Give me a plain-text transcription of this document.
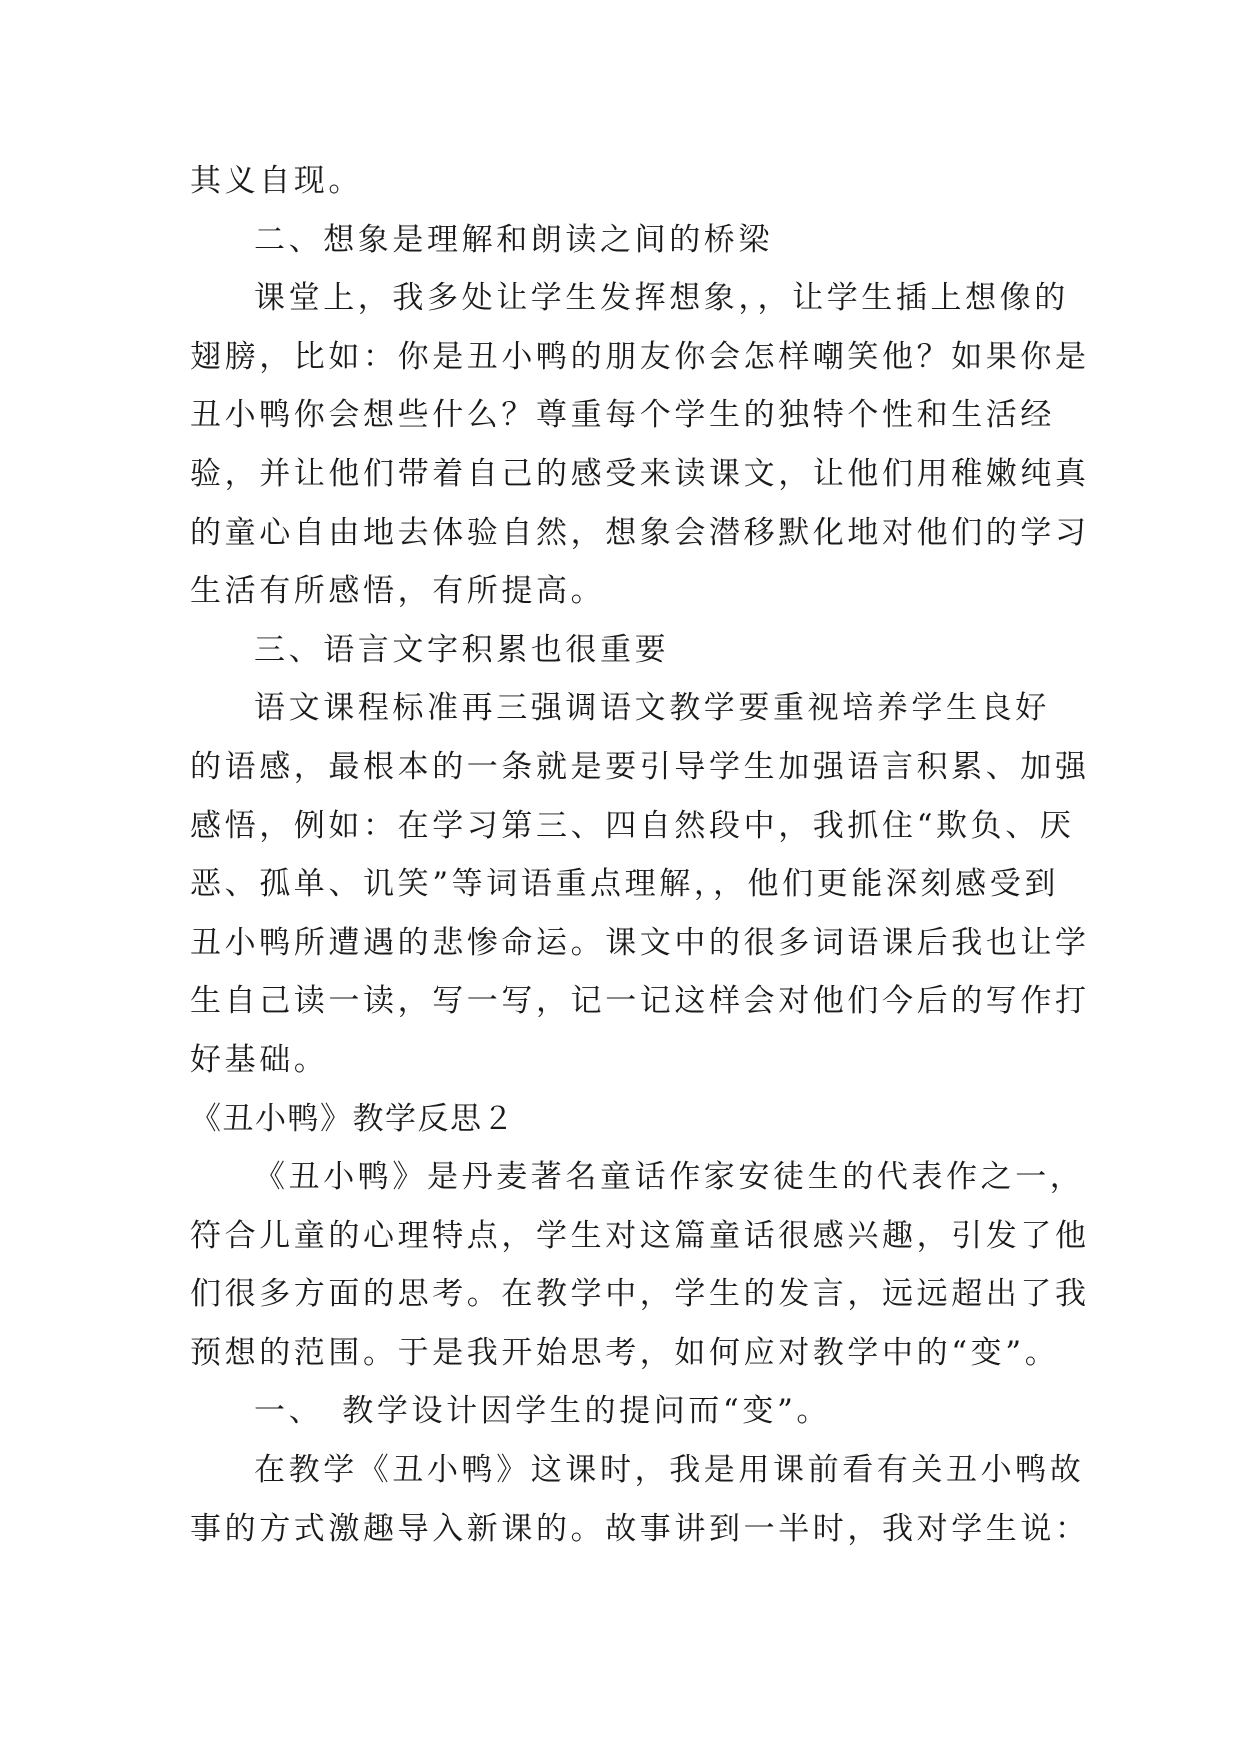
其义自现。
二、想象是理解和朗读之间的桥梁
课堂上，我多处让学生发挥想象，，让学生插上想像的
翅膀，比如：你是丑小鸭的朋友你会怎样嘲笑他？如果你是
丑小鸭你会想些什么？尊重每个学生的独特个性和生活经
验，并让他们带着自己的感受来读课文，让他们用稚嫩纯真
的童心自由地去体验自然，想象会潜移默化地对他们的学习
生活有所感悟，有所提高。
三、语言文字积累也很重要
语文课程标准再三强调语文教学要重视培养学生良好
的语感，最根本的一条就是要引导学生加强语言积累、加强
感悟，例如：在学习第三、四自然段中，我抓住“欺负、厌
恶、孤单、讥笑”等词语重点理解，，他们更能深刻感受到
丑小鸭所遭遇的悲惨命运。课文中的很多词语课后我也让学
生自己读一读，写一写，记一记这样会对他们今后的写作打
好基础。
《丑小鸭》教学反思２
《丑小鸭》是丹麦著名童话作家安徒生的代表作之一，
符合儿童的心理特点，学生对这篇童话很感兴趣，引发了他
们很多方面的思考。在教学中，学生的发言，远远超出了我
预想的范围。于是我开始思考，如何应对教学中的“变”。
一、　教学设计因学生的提问而“变”。
在教学《丑小鸭》这课时，我是用课前看有关丑小鸭故
事的方式激趣导入新课的。故事讲到一半时，我对学生说：
